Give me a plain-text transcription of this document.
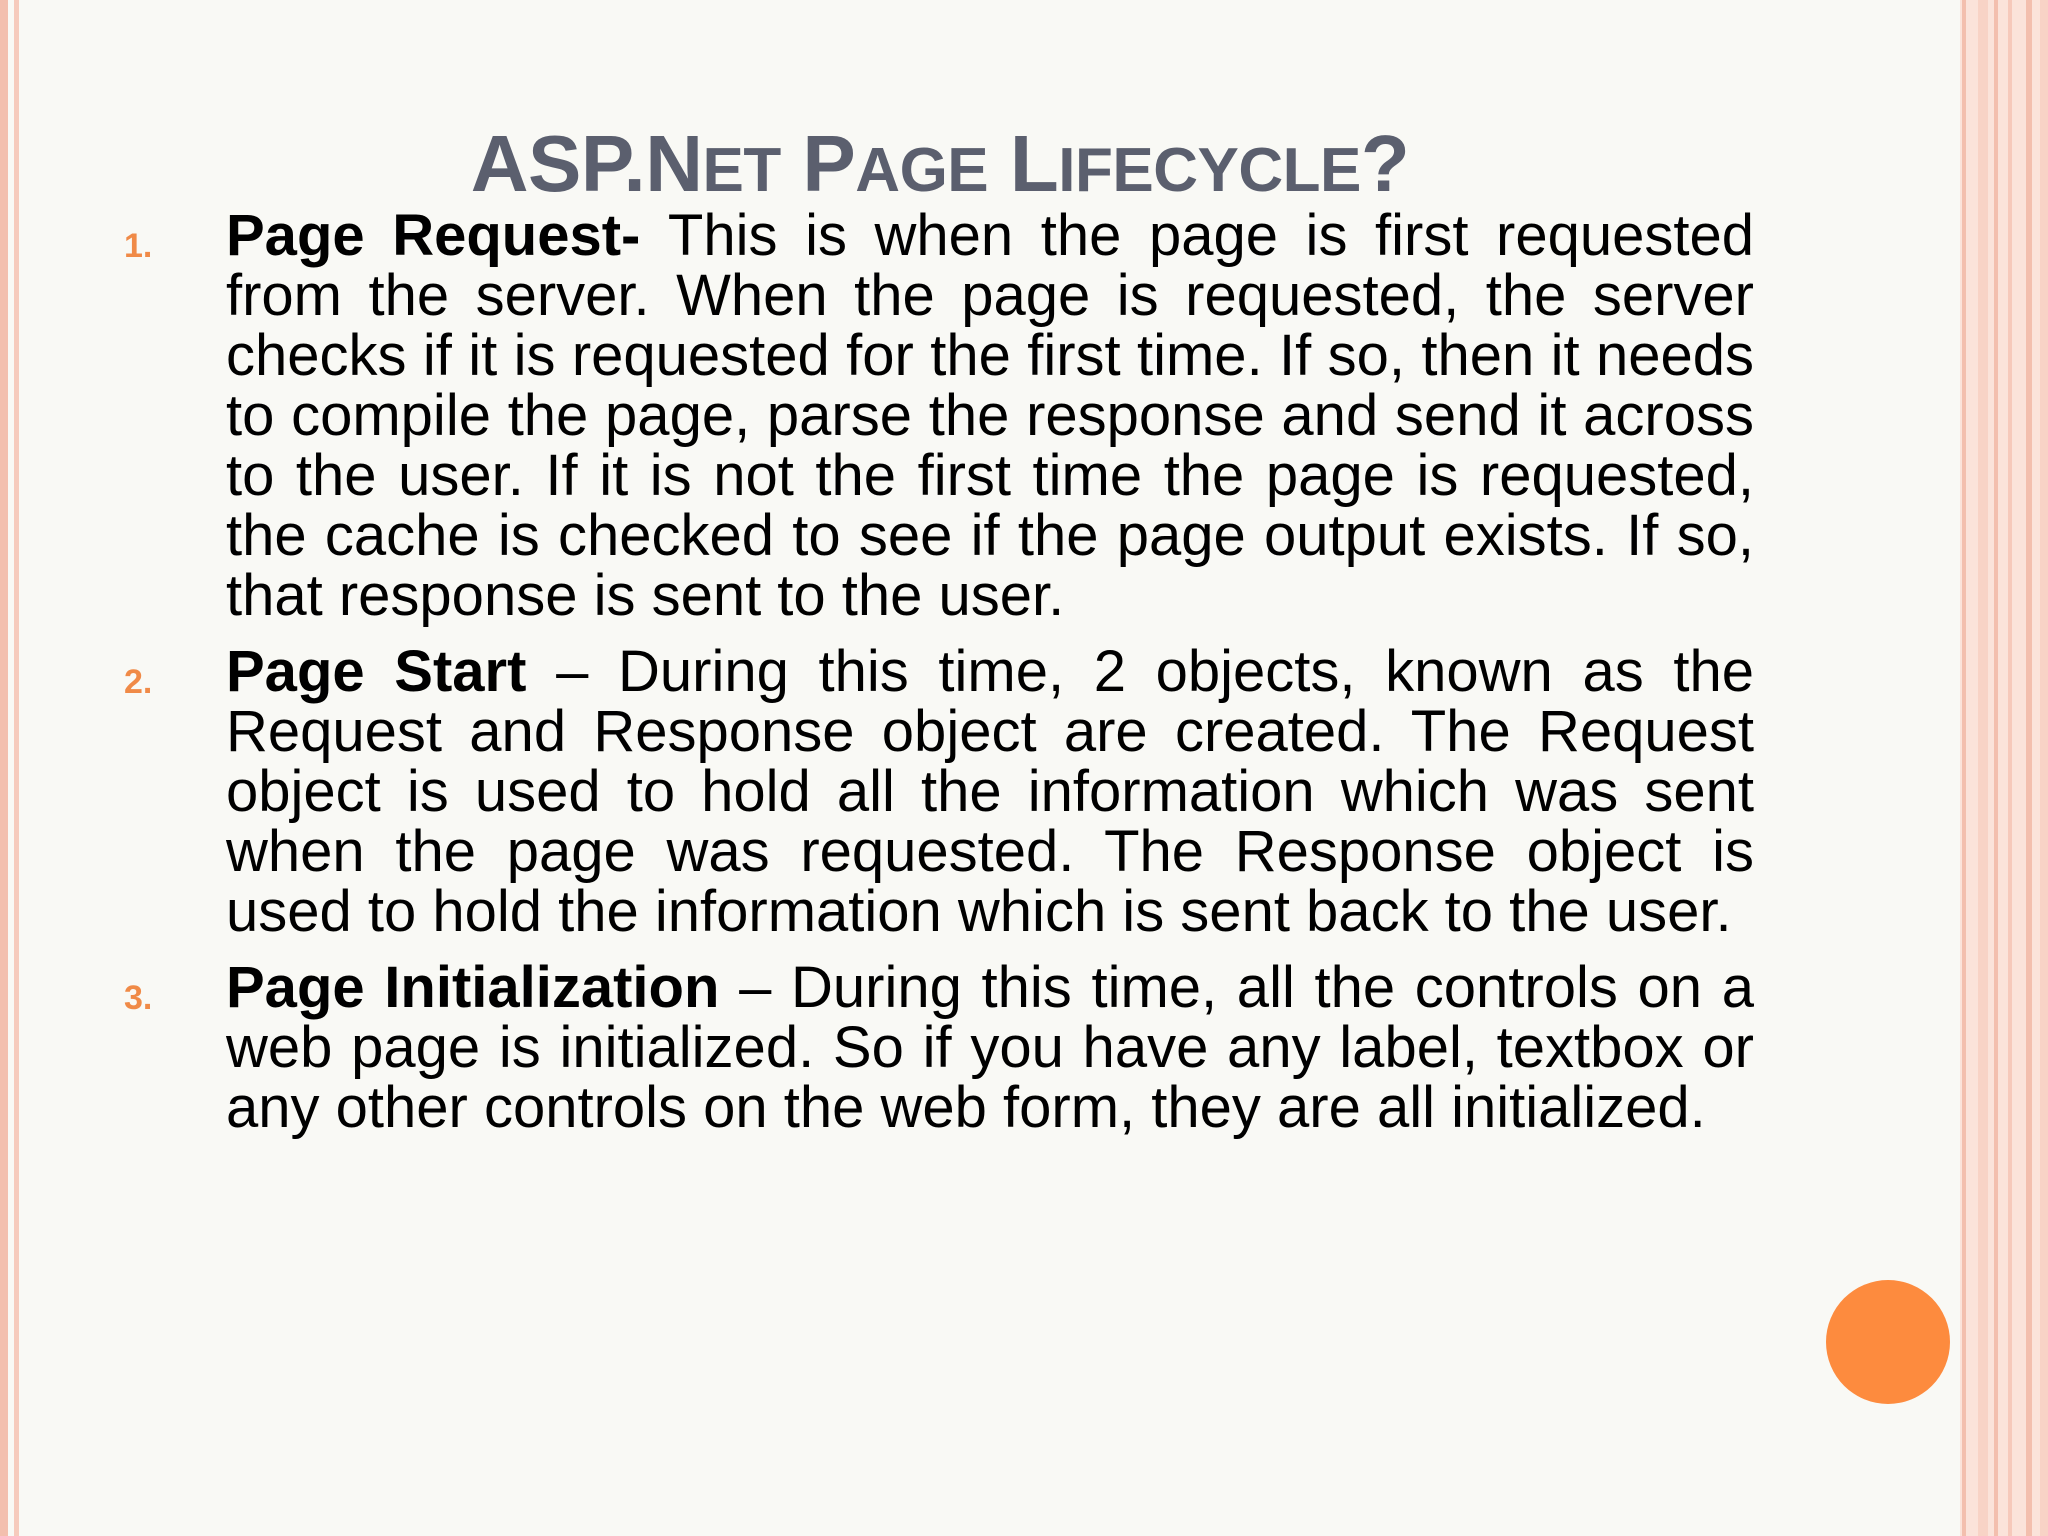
ASP.NET PAGE LIFECYCLE?
1. Page Request- This is when the page is first requested from the server. When the page is requested, the server checks if it is requested for the first time. If so, then it needs to compile the page, parse the response and send it across to the user. If it is not the first time the page is requested, the cache is checked to see if the page output exists. If so, that response is sent to the user.

2. Page Start – During this time, 2 objects, known as the Request and Response object are created. The Request object is used to hold all the information which was sent when the page was requested. The Response object is used to hold the information which is sent back to the user.

3. Page Initialization – During this time, all the controls on a web page is initialized. So if you have any label, textbox or any other controls on the web form, they are all initialized.
